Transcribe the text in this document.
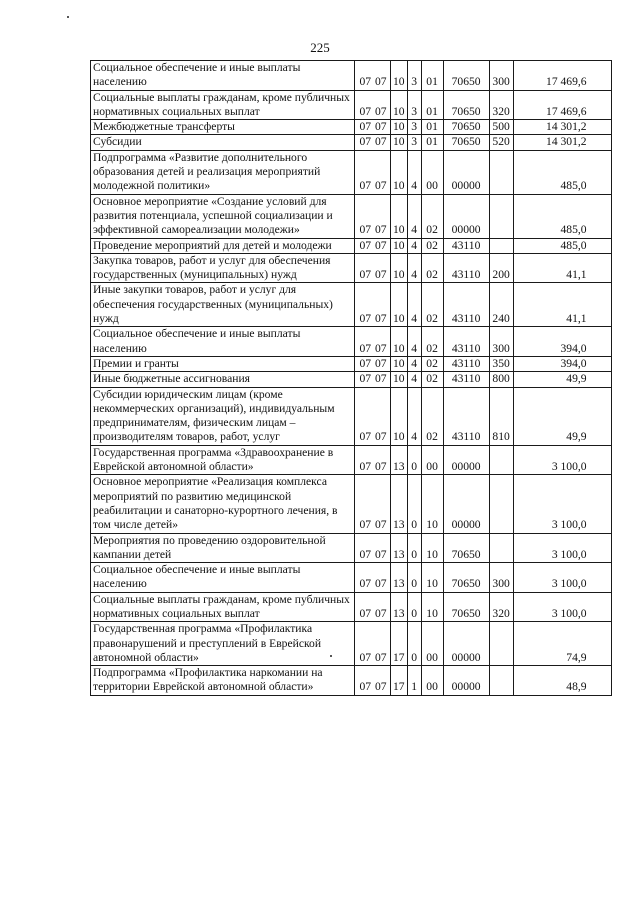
225
Социальное обеспечение и иные выплаты населению	07	07	10	3	01	70650	300	17 469,6
Социальные выплаты гражданам, кроме публичных нормативных социальных выплат	07	07	10	3	01	70650	320	17 469,6
Межбюджетные трансферты	07	07	10	3	01	70650	500	14 301,2
Субсидии	07	07	10	3	01	70650	520	14 301,2
Подпрограмма «Развитие дополнительного образования детей и реализация мероприятий молодежной политики»	07	07	10	4	00	00000		485,0
Основное мероприятие «Создание условий для развития потенциала, успешной социализации и эффективной самореализации молодежи»	07	07	10	4	02	00000		485,0
Проведение мероприятий для детей и молодежи	07	07	10	4	02	43110		485,0
Закупка товаров, работ и услуг для обеспечения государственных (муниципальных) нужд	07	07	10	4	02	43110	200	41,1
Иные закупки товаров, работ и услуг для обеспечения государственных (муниципальных) нужд	07	07	10	4	02	43110	240	41,1
Социальное обеспечение и иные выплаты населению	07	07	10	4	02	43110	300	394,0
Премии и гранты	07	07	10	4	02	43110	350	394,0
Иные бюджетные ассигнования	07	07	10	4	02	43110	800	49,9
Субсидии юридическим лицам (кроме некоммерческих организаций), индивидуальным предпринимателям, физическим лицам – производителям товаров, работ, услуг	07	07	10	4	02	43110	810	49,9
Государственная программа «Здравоохранение в Еврейской автономной области»	07	07	13	0	00	00000		3 100,0
Основное мероприятие «Реализация комплекса мероприятий по развитию медицинской реабилитации и санаторно-курортного лечения, в том числе детей»	07	07	13	0	10	00000		3 100,0
Мероприятия по проведению оздоровительной кампании детей	07	07	13	0	10	70650		3 100,0
Социальное обеспечение и иные выплаты населению	07	07	13	0	10	70650	300	3 100,0
Социальные выплаты гражданам, кроме публичных нормативных социальных выплат	07	07	13	0	10	70650	320	3 100,0
Государственная программа «Профилактика правонарушений и преступлений в Еврейской автономной области»	07	07	17	0	00	00000		74,9
Подпрограмма «Профилактика наркомании на территории Еврейской автономной области»	07	07	17	1	00	00000		48,9
